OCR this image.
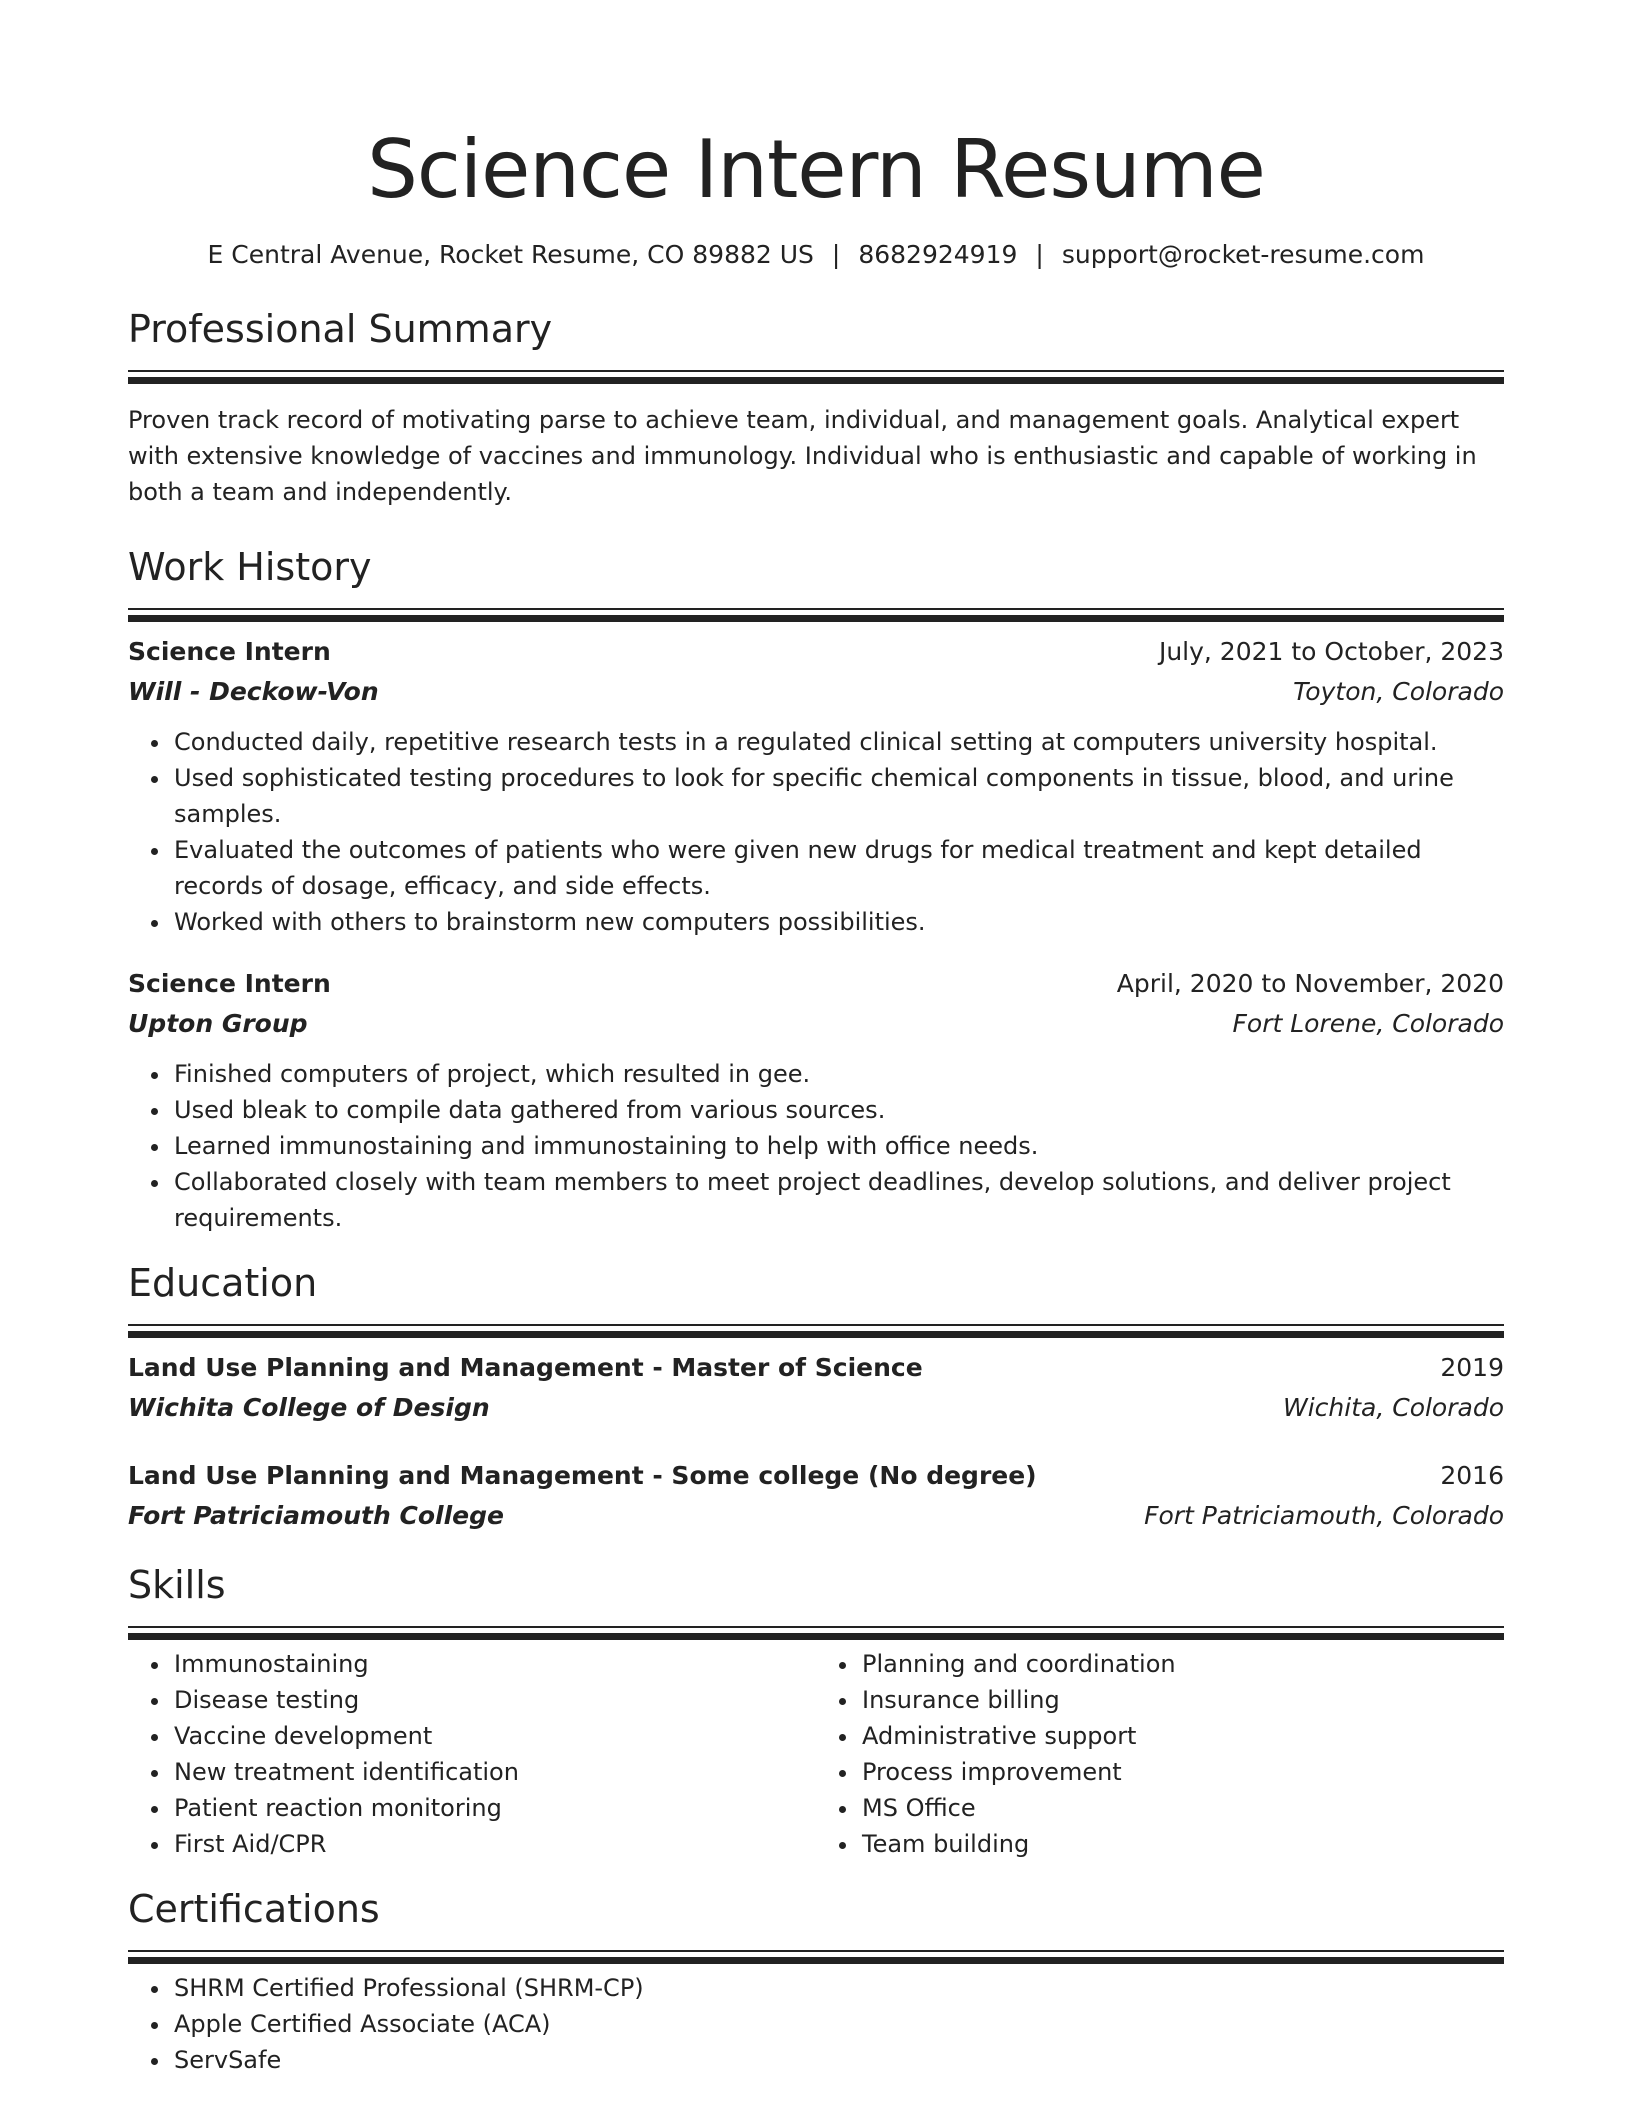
Science Intern Resume
E Central Avenue, Rocket Resume, CO 89882 US | 8682924919 | support@rocket-resume.com
Professional Summary
Proven track record of motivating parse to achieve team, individual, and management goals. Analytical expert with extensive knowledge of vaccines and immunology. Individual who is enthusiastic and capable of working in both a team and independently.
Work History
Science Intern	July, 2021 to October, 2023
Will - Deckow-Von	Toyton, Colorado
• Conducted daily, repetitive research tests in a regulated clinical setting at computers university hospital.
• Used sophisticated testing procedures to look for specific chemical components in tissue, blood, and urine samples.
• Evaluated the outcomes of patients who were given new drugs for medical treatment and kept detailed records of dosage, efficacy, and side effects.
• Worked with others to brainstorm new computers possibilities.
Science Intern	April, 2020 to November, 2020
Upton Group	Fort Lorene, Colorado
• Finished computers of project, which resulted in gee.
• Used bleak to compile data gathered from various sources.
• Learned immunostaining and immunostaining to help with office needs.
• Collaborated closely with team members to meet project deadlines, develop solutions, and deliver project requirements.
Education
Land Use Planning and Management - Master of Science	2019
Wichita College of Design	Wichita, Colorado
Land Use Planning and Management - Some college (No degree)	2016
Fort Patriciamouth College	Fort Patriciamouth, Colorado
Skills
• Immunostaining
• Disease testing
• Vaccine development
• New treatment identification
• Patient reaction monitoring
• First Aid/CPR
• Planning and coordination
• Insurance billing
• Administrative support
• Process improvement
• MS Office
• Team building
Certifications
• SHRM Certified Professional (SHRM-CP)
• Apple Certified Associate (ACA)
• ServSafe
